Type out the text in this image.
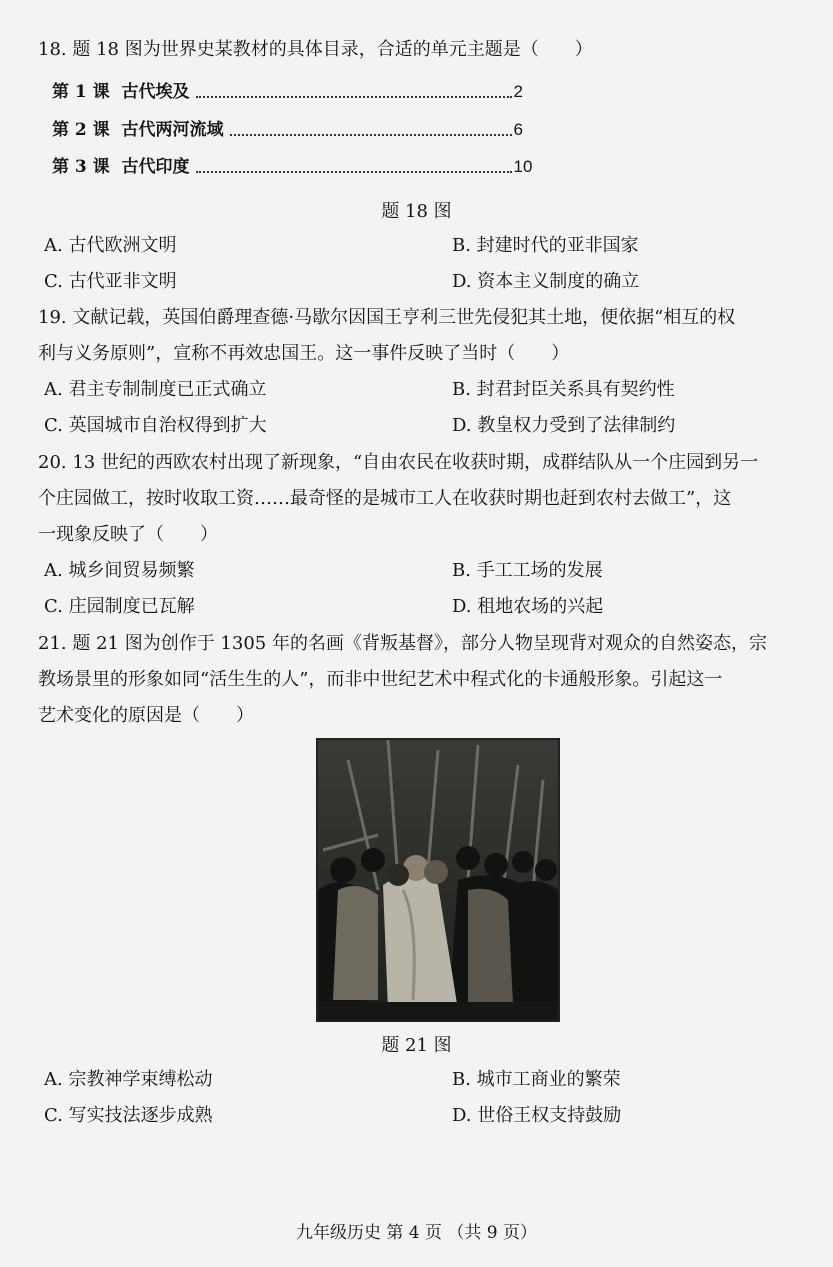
18. 题 18 图为世界史某教材的具体目录，合适的单元主题是（　　）
第 1 课 古代埃及	2
第 2 课 古代两河流域	6
第 3 课 古代印度	10
题 18 图
A. 古代欧洲文明	B. 封建时代的亚非国家
C. 古代亚非文明	D. 资本主义制度的确立
19. 文献记载，英国伯爵理查德·马歇尔因国王亨利三世先侵犯其土地，便依据“相互的权
利与义务原则”，宣称不再效忠国王。这一事件反映了当时（　　）
A. 君主专制制度已正式确立	B. 封君封臣关系具有契约性
C. 英国城市自治权得到扩大	D. 教皇权力受到了法律制约
20. 13 世纪的西欧农村出现了新现象，“自由农民在收获时期，成群结队从一个庄园到另一
个庄园做工，按时收取工资……最奇怪的是城市工人在收获时期也赶到农村去做工”，这
一现象反映了（　　）
A. 城乡间贸易频繁	B. 手工工场的发展
C. 庄园制度已瓦解	D. 租地农场的兴起
21. 题 21 图为创作于 1305 年的名画《背叛基督》，部分人物呈现背对观众的自然姿态，宗
教场景里的形象如同“活生生的人”，而非中世纪艺术中程式化的卡通般形象。引起这一
艺术变化的原因是（　　）
题 21 图
A. 宗教神学束缚松动	B. 城市工商业的繁荣
C. 写实技法逐步成熟	D. 世俗王权支持鼓励
九年级历史 第 4 页 （共 9 页）
